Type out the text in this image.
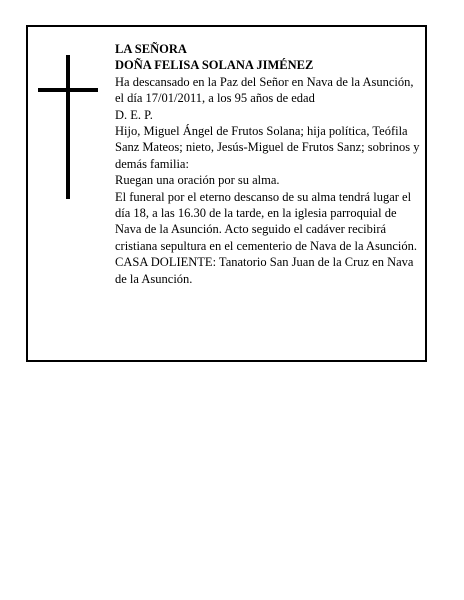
LA SEÑORA

DOÑA FELISA SOLANA JIMÉNEZ

Ha descansado en la Paz del Señor en Nava de la Asunción, el día 17/01/2011, a los 95 años de edad

D. E. P.

Hijo, Miguel Ángel de Frutos Solana; hija política, Teófila Sanz Mateos; nieto, Jesús-Miguel de Frutos Sanz; sobrinos y demás familia:

Ruegan una oración por su alma.

El funeral por el eterno descanso de su alma tendrá lugar el día 18, a las 16.30 de la tarde, en la iglesia parroquial de Nava de la Asunción. Acto seguido el cadáver recibirá cristiana sepultura en el cementerio de Nava de la Asunción.

CASA DOLIENTE: Tanatorio San Juan de la Cruz en Nava de la Asunción.
